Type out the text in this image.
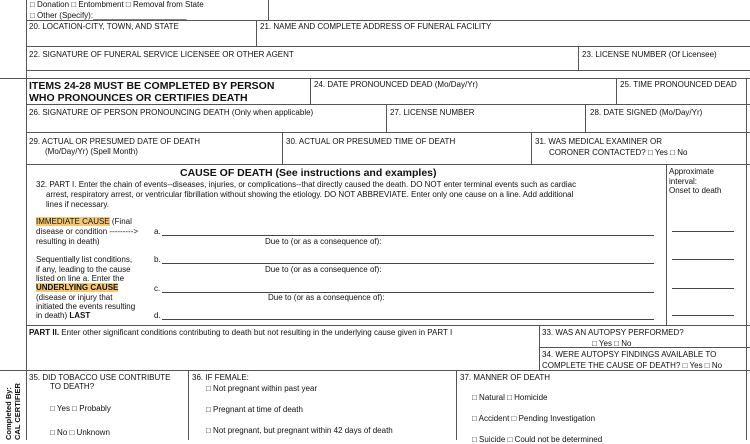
□ Donation □ Entombment □ Removal from State
□ Other (Specify):_____________________
20. LOCATION-CITY, TOWN, AND STATE	21. NAME AND COMPLETE ADDRESS OF FUNERAL FACILITY
22. SIGNATURE OF FUNERAL SERVICE LICENSEE OR OTHER AGENT	23. LICENSE NUMBER (Of Licensee)
ITEMS 24-28 MUST BE COMPLETED BY PERSON
WHO PRONOUNCES OR CERTIFIES DEATH
24. DATE PRONOUNCED DEAD (Mo/Day/Yr)	25. TIME PRONOUNCED DEAD
26. SIGNATURE OF PERSON PRONOUNCING DEATH (Only when applicable)	27. LICENSE NUMBER	28. DATE SIGNED (Mo/Day/Yr)
29. ACTUAL OR PRESUMED DATE OF DEATH
(Mo/Day/Yr) (Spell Month)
30. ACTUAL OR PRESUMED TIME OF DEATH	31. WAS MEDICAL EXAMINER OR
CORONER CONTACTED? □ Yes □ No
CAUSE OF DEATH (See instructions and examples)
32. PART I. Enter the chain of events--diseases, injuries, or complications--that directly caused the death. DO NOT enter terminal events such as cardiac
arrest, respiratory arrest, or ventricular fibrillation without showing the etiology. DO NOT ABBREVIATE. Enter only one cause on a line. Add additional
lines if necessary.
Approximate
interval:
Onset to death
IMMEDIATE CAUSE (Final
disease or condition --------->
resulting in death)
a.
Due to (or as a consequence of):
Sequentially list conditions,
if any, leading to the cause
listed on line a. Enter the
b.
Due to (or as a consequence of):
UNDERLYING CAUSE
(disease or injury that
initiated the events resulting
in death) LAST
c.
Due to (or as a consequence of):
d.
PART II. Enter other significant conditions contributing to death but not resulting in the underlying cause given in PART I	33. WAS AN AUTOPSY PERFORMED?
□ Yes □ No
34. WERE AUTOPSY FINDINGS AVAILABLE TO
COMPLETE THE CAUSE OF DEATH? □ Yes □ No
35. DID TOBACCO USE CONTRIBUTE
TO DEATH?
□ Yes □ Probably
□ No □ Unknown
36. IF FEMALE:
□ Not pregnant within past year
□ Pregnant at time of death
□ Not pregnant, but pregnant within 42 days of death
37. MANNER OF DEATH
□ Natural □ Homicide
□ Accident □ Pending Investigation
□ Suicide □ Could not be determined
Completed By: CAL CERTIFIER
